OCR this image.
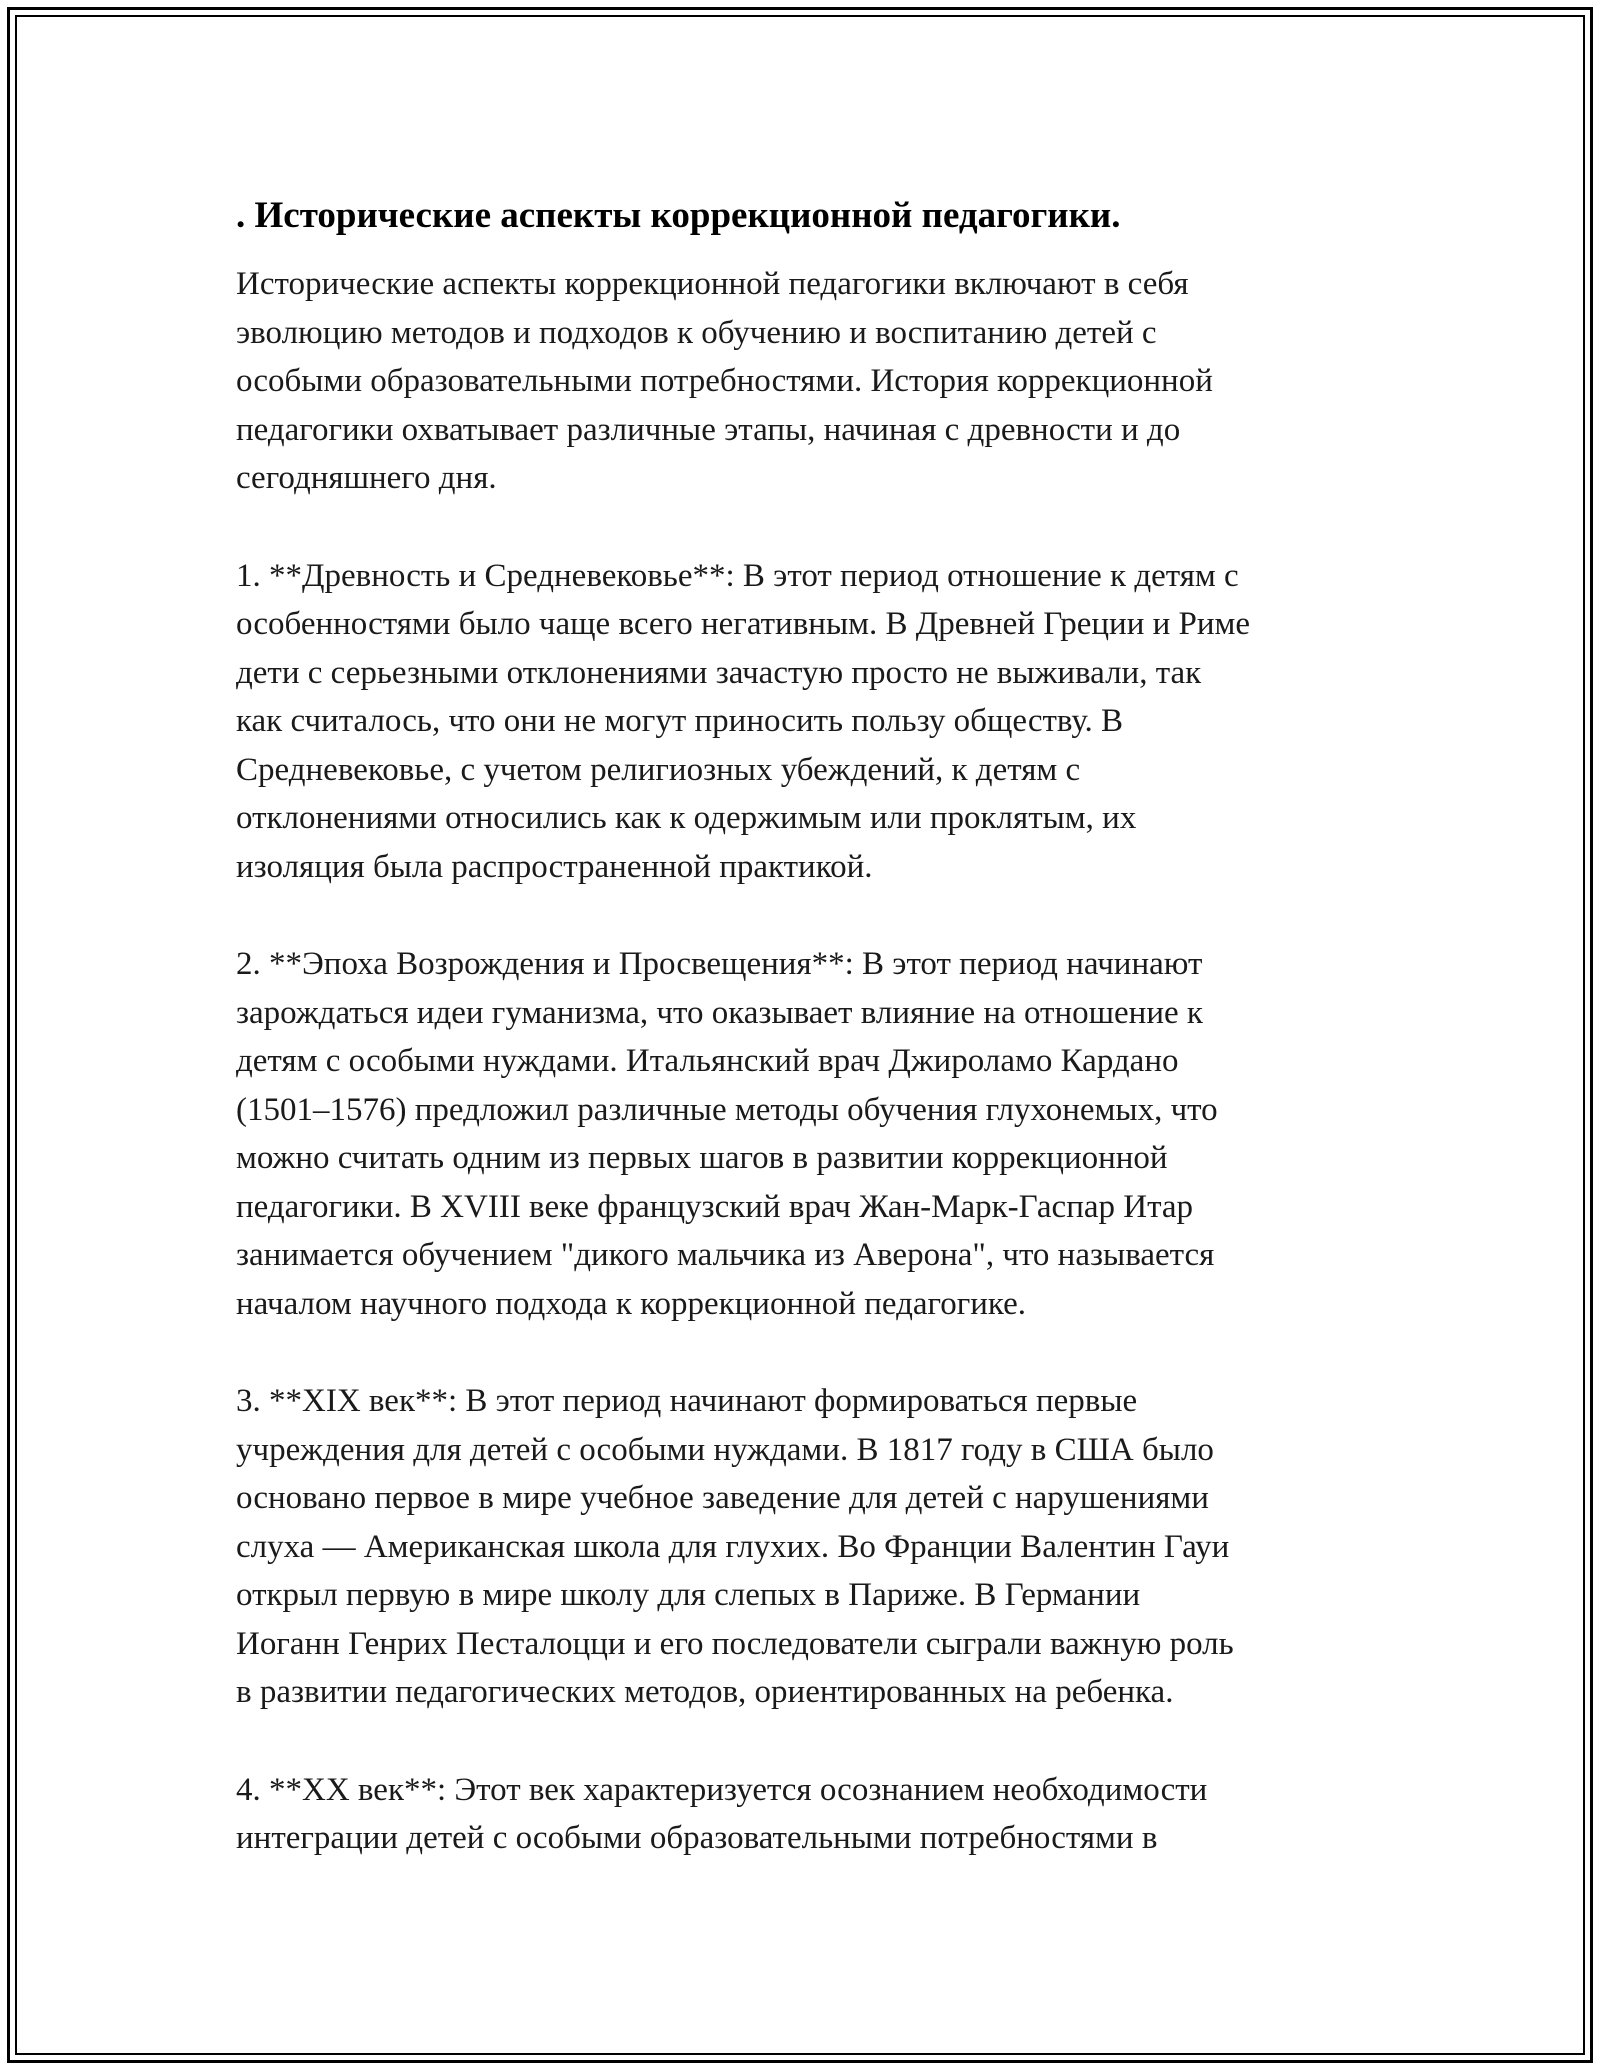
. Исторические аспекты коррекционной педагогики.
Исторические аспекты коррекционной педагогики включают в себя
эволюцию методов и подходов к обучению и воспитанию детей с
особыми образовательными потребностями. История коррекционной
педагогики охватывает различные этапы, начиная с древности и до
сегодняшнего дня.
1. **Древность и Средневековье**: В этот период отношение к детям с
особенностями было чаще всего негативным. В Древней Греции и Риме
дети с серьезными отклонениями зачастую просто не выживали, так
как считалось, что они не могут приносить пользу обществу. В
Средневековье, с учетом религиозных убеждений, к детям с
отклонениями относились как к одержимым или проклятым, их
изоляция была распространенной практикой.
2. **Эпоха Возрождения и Просвещения**: В этот период начинают
зарождаться идеи гуманизма, что оказывает влияние на отношение к
детям с особыми нуждами. Итальянский врач Джироламо Кардано
(1501–1576) предложил различные методы обучения глухонемых, что
можно считать одним из первых шагов в развитии коррекционной
педагогики. В XVIII веке французский врач Жан-Марк-Гаспар Итар
занимается обучением "дикого мальчика из Аверона", что называется
началом научного подхода к коррекционной педагогике.
3. **XIX век**: В этот период начинают формироваться первые
учреждения для детей с особыми нуждами. В 1817 году в США было
основано первое в мире учебное заведение для детей с нарушениями
слуха — Американская школа для глухих. Во Франции Валентин Гауи
открыл первую в мире школу для слепых в Париже. В Германии
Иоганн Генрих Песталоцци и его последователи сыграли важную роль
в развитии педагогических методов, ориентированных на ребенка.
4. **XX век**: Этот век характеризуется осознанием необходимости
интеграции детей с особыми образовательными потребностями в
